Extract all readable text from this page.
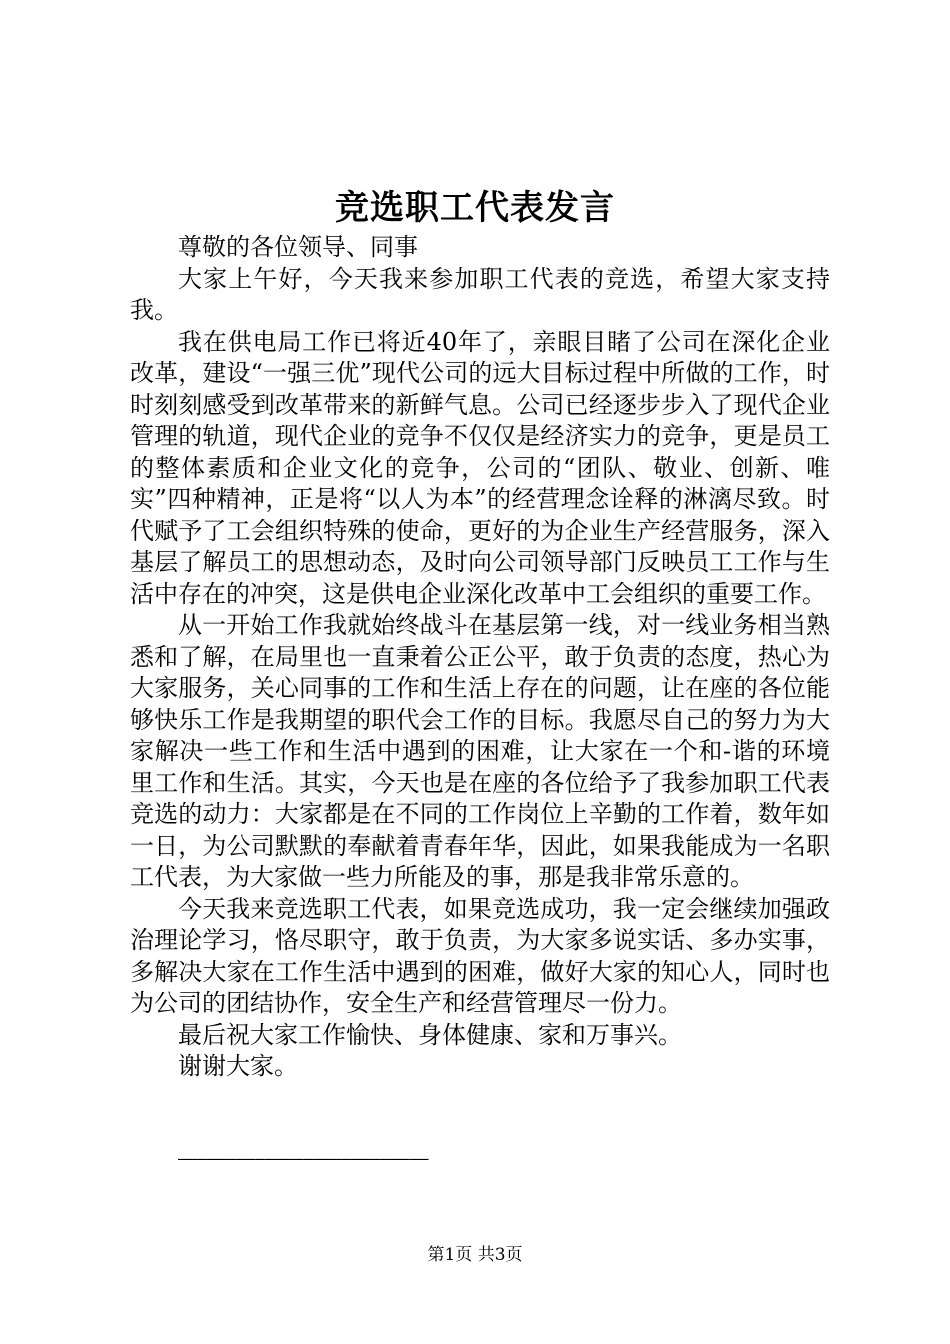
竞选职工代表发言

尊敬的各位领导、同事

大家上午好，今天我来参加职工代表的竞选，希望大家支持我。

我在供电局工作已将近40年了，亲眼目睹了公司在深化企业改革，建设“一强三优”现代公司的远大目标过程中所做的工作，时时刻刻感受到改革带来的新鲜气息。公司已经逐步步入了现代企业管理的轨道，现代企业的竞争不仅仅是经济实力的竞争，更是员工的整体素质和企业文化的竞争，公司的“团队、敬业、创新、唯实”四种精神，正是将“以人为本”的经营理念诠释的淋漓尽致。时代赋予了工会组织特殊的使命，更好的为企业生产经营服务，深入基层了解员工的思想动态，及时向公司领导部门反映员工工作与生活中存在的冲突，这是供电企业深化改革中工会组织的重要工作。

从一开始工作我就始终战斗在基层第一线，对一线业务相当熟悉和了解，在局里也一直秉着公正公平，敢于负责的态度，热心为大家服务，关心同事的工作和生活上存在的问题，让在座的各位能够快乐工作是我期望的职代会工作的目标。我愿尽自己的努力为大家解决一些工作和生活中遇到的困难，让大家在一个和-谐的环境里工作和生活。其实，今天也是在座的各位给予了我参加职工代表竞选的动力：大家都是在不同的工作岗位上辛勤的工作着，数年如一日，为公司默默的奉献着青春年华，因此，如果我能成为一名职工代表，为大家做一些力所能及的事，那是我非常乐意的。

今天我来竞选职工代表，如果竞选成功，我一定会继续加强政治理论学习，恪尽职守，敢于负责，为大家多说实话、多办实事，多解决大家在工作生活中遇到的困难，做好大家的知心人，同时也为公司的团结协作，安全生产和经营管理尽一份力。

最后祝大家工作愉快、身体健康、家和万事兴。

谢谢大家。

——————————————————————————
第1页 共3页
